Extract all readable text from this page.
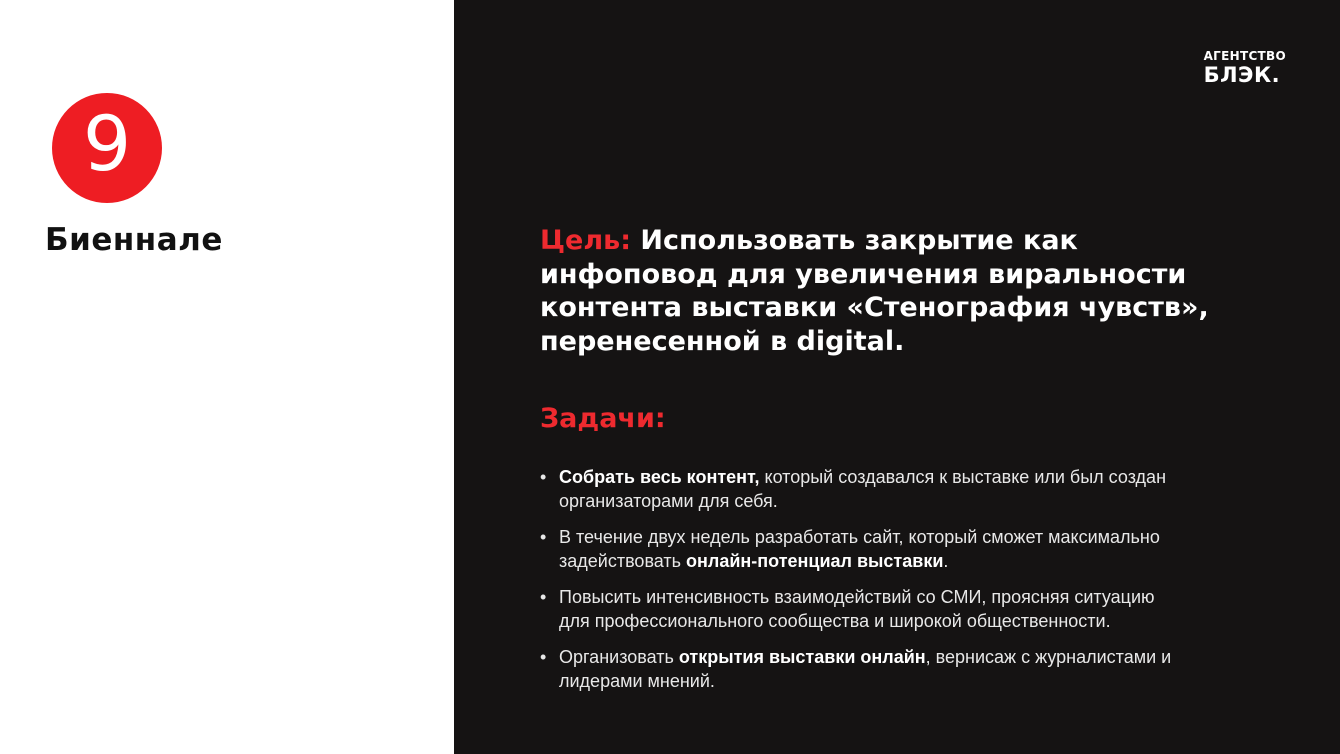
9
Биеннале
АГЕНТСТВО
БЛЭК.

Цель: Использовать закрытие как инфоповод для увеличения виральности контента выставки «Стенография чувств», перенесенной в digital.

Задачи:
• Собрать весь контент, который создавался к выставке или был создан организаторами для себя.
• В течение двух недель разработать сайт, который сможет максимально задействовать онлайн-потенциал выставки.
• Повысить интенсивность взаимодействий со СМИ, проясняя ситуацию для профессионального сообщества и широкой общественности.
• Организовать открытия выставки онлайн, вернисаж с журналистами и лидерами мнений.
